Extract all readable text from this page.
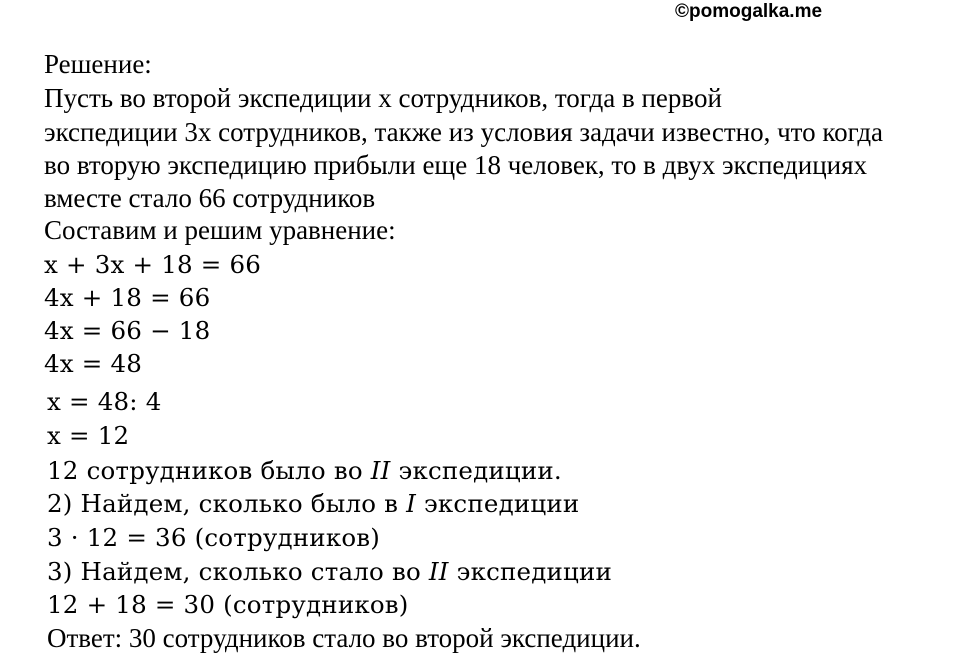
©pomogalka.me
Решение:
Пусть во второй экспедиции x сотрудников, тогда в первой
экспедиции 3x сотрудников, также из условия задачи известно, что когда
во вторую экспедицию прибыли еще 18 человек, то в двух экспедициях
вместе стало 66 сотрудников
Составим и решим уравнение:
x + 3x + 18 = 66
4x + 18 = 66
4x = 66 − 18
4x = 48
x = 48: 4
x = 12
12 сотрудников было во II экспедиции.
2) Найдем, сколько было в I экспедиции
3 · 12 = 36 (сотрудников)
3) Найдем, сколько стало во II экспедиции
12 + 18 = 30 (сотрудников)
Ответ: 30 сотрудников стало во второй экспедиции.
